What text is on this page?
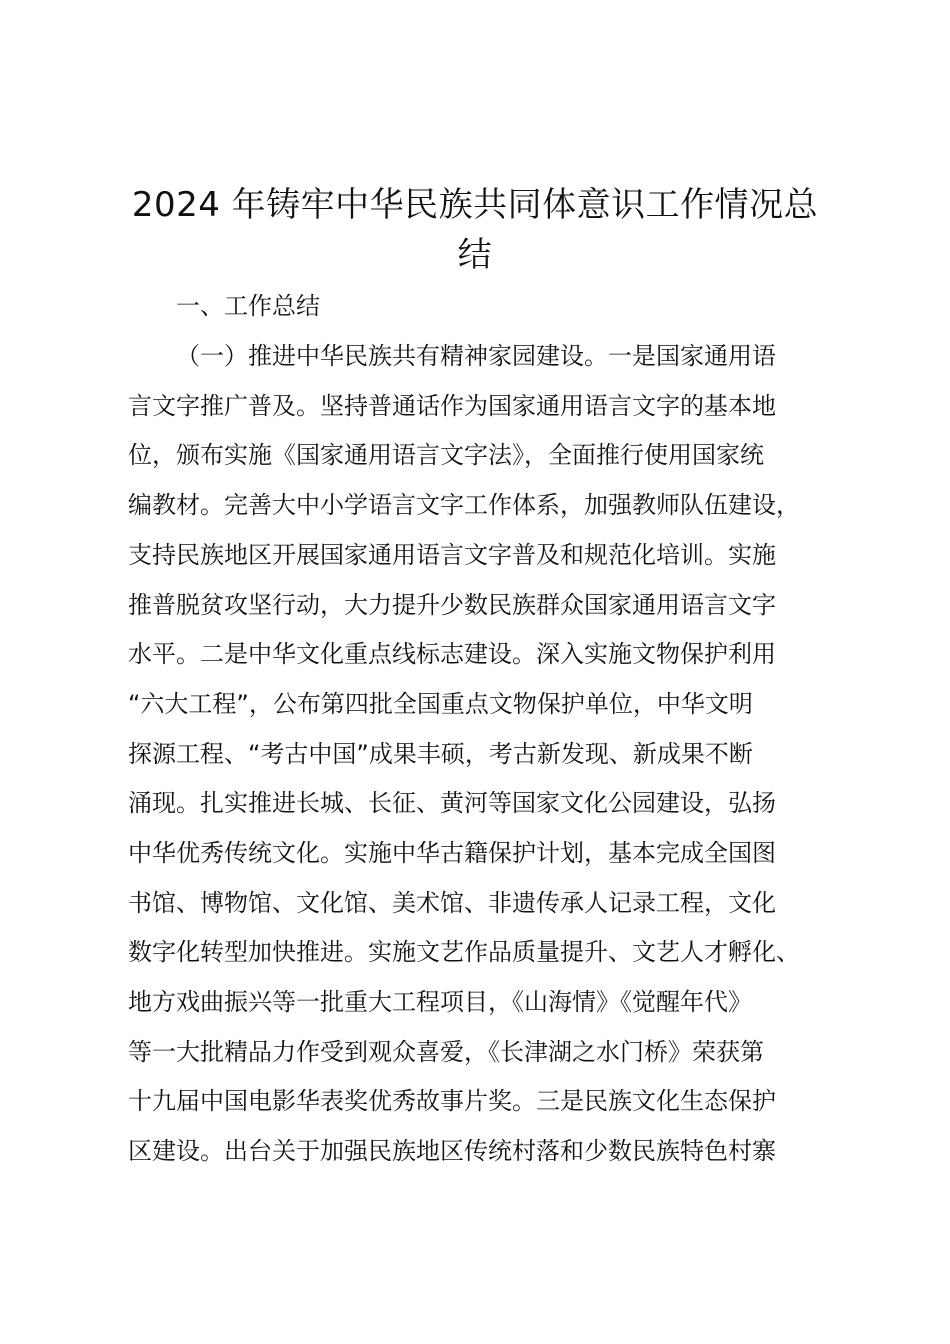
2024 年铸牢中华民族共同体意识工作情况总
结
一、工作总结
（一）推进中华民族共有精神家园建设。一是国家通用语
言文字推广普及。坚持普通话作为国家通用语言文字的基本地
位，颁布实施《国家通用语言文字法》，全面推行使用国家统
编教材。完善大中小学语言文字工作体系，加强教师队伍建设，
支持民族地区开展国家通用语言文字普及和规范化培训。实施
推普脱贫攻坚行动，大力提升少数民族群众国家通用语言文字
水平。二是中华文化重点线标志建设。深入实施文物保护利用
“六大工程”，公布第四批全国重点文物保护单位，中华文明
探源工程、“考古中国”成果丰硕，考古新发现、新成果不断
涌现。扎实推进长城、长征、黄河等国家文化公园建设，弘扬
中华优秀传统文化。实施中华古籍保护计划，基本完成全国图
书馆、博物馆、文化馆、美术馆、非遗传承人记录工程，文化
数字化转型加快推进。实施文艺作品质量提升、文艺人才孵化、
地方戏曲振兴等一批重大工程项目，《山海情》《觉醒年代》
等一大批精品力作受到观众喜爱，《长津湖之水门桥》荣获第
十九届中国电影华表奖优秀故事片奖。三是民族文化生态保护
区建设。出台关于加强民族地区传统村落和少数民族特色村寨
